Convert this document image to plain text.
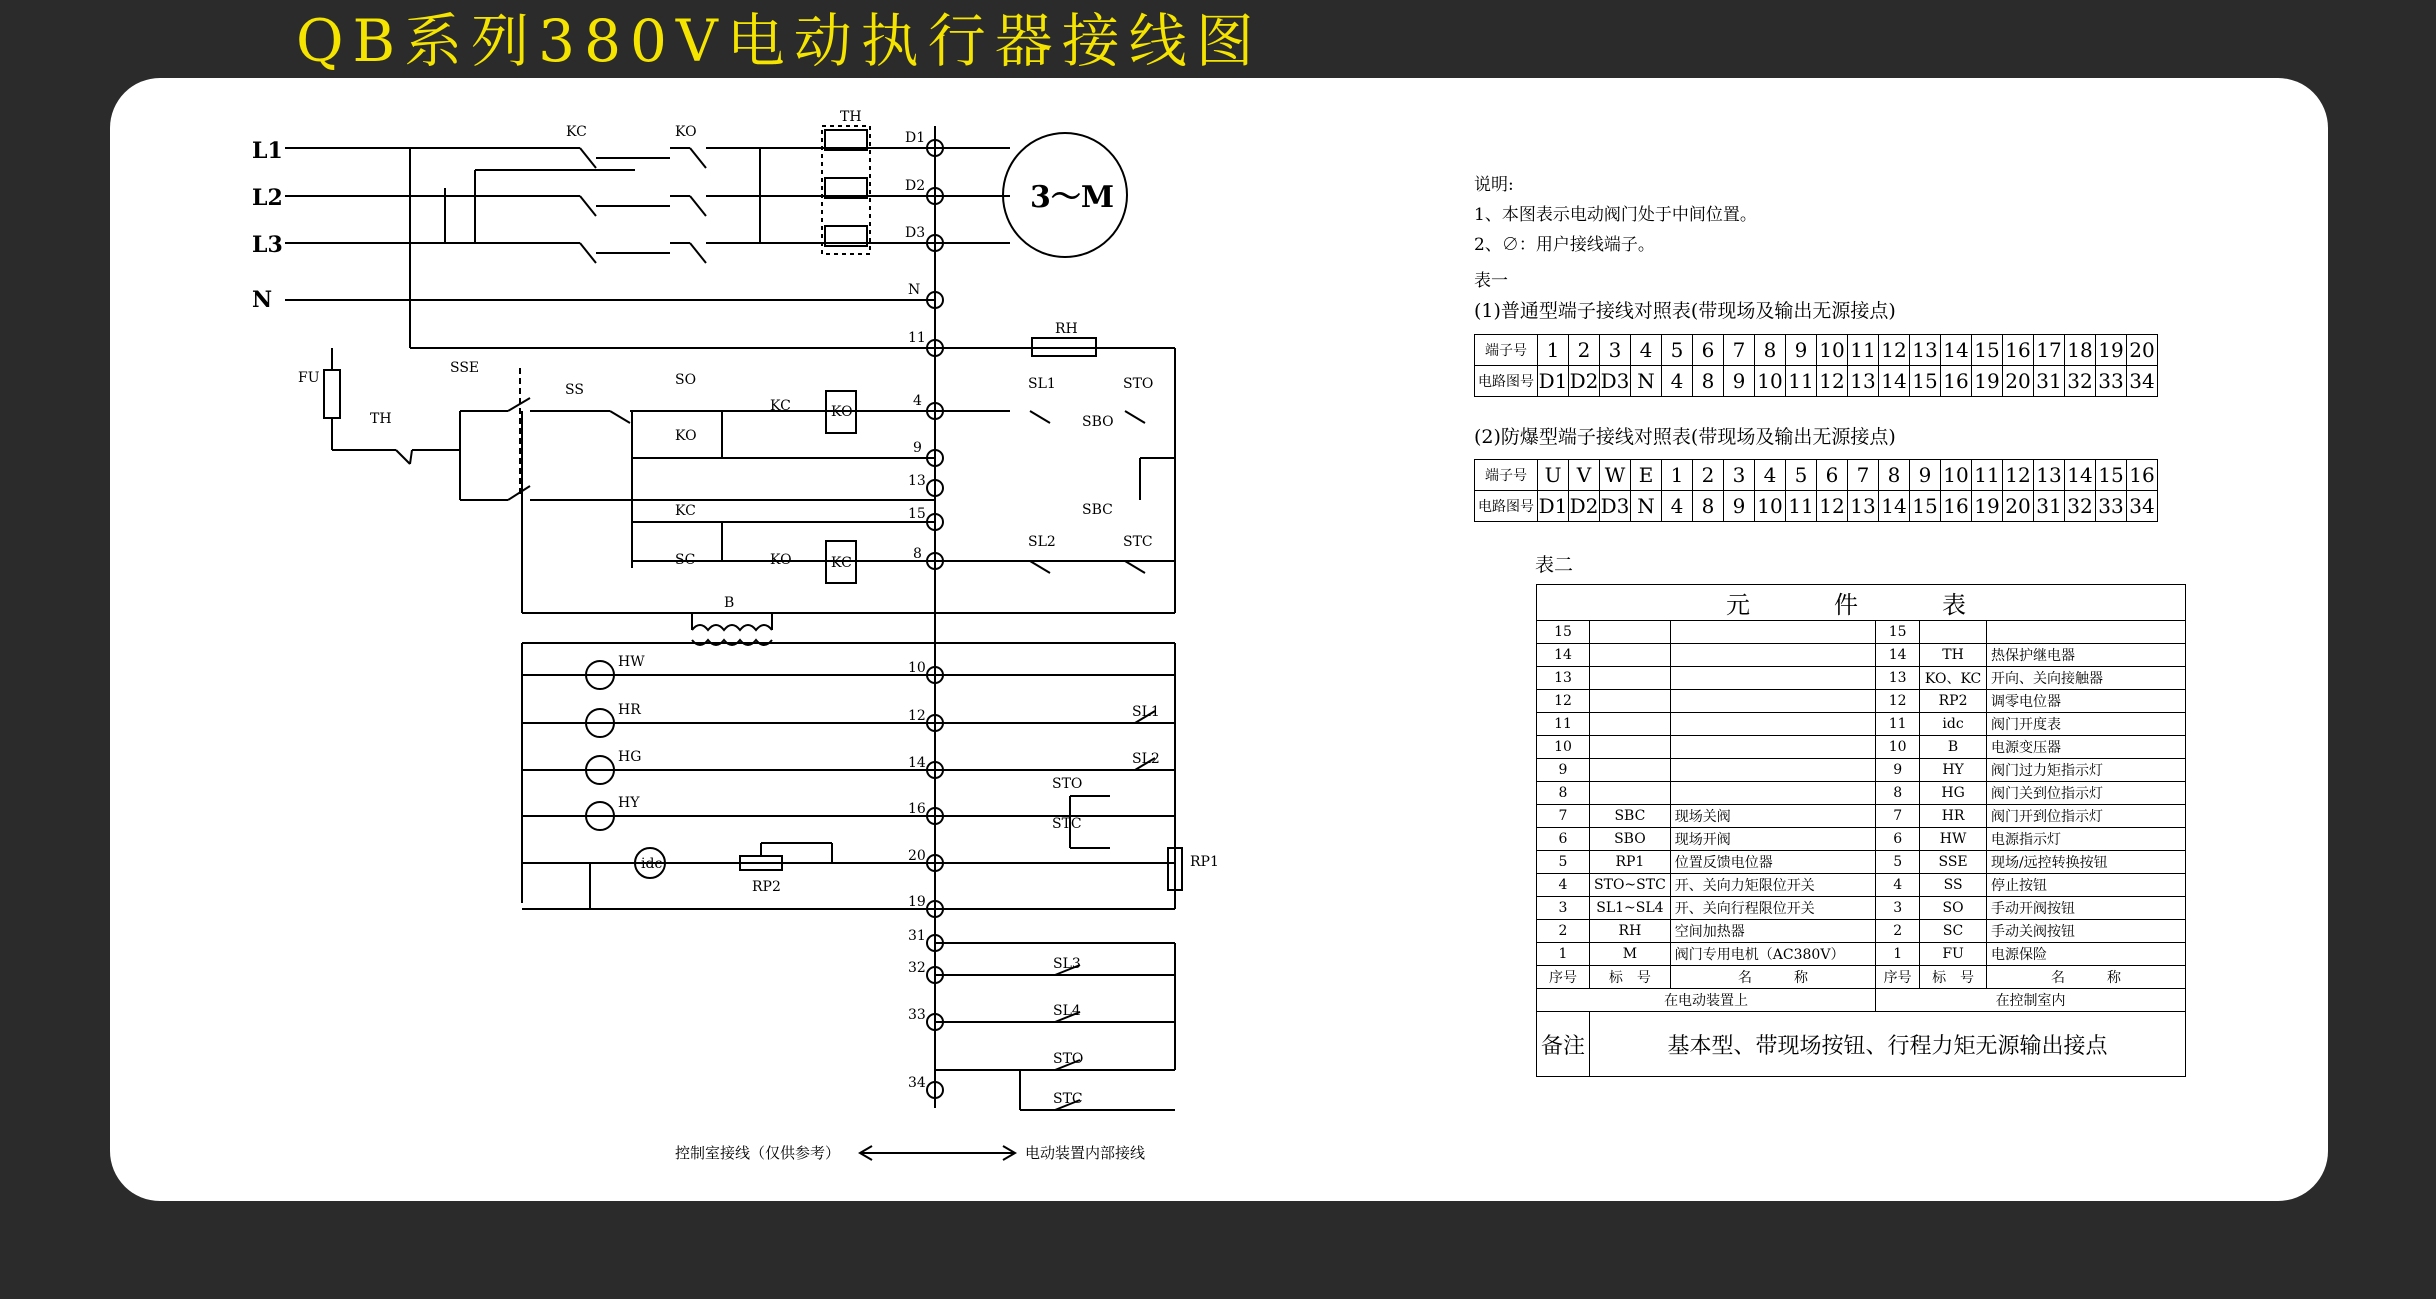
QB系列380V电动执行器接线图
L1
L2
L3
N
D1
D2
D3
N
11
4
9
13
15
8
10
12
14
16
20
19
31
32
33
34
KC	KO
TH
3～M
RH
FU
TH
SSE
SS
SO
KC	KO
KO
KC
SC	KO	KC
SL1	STO
SBO
SBC
SL2	STC
B
HW
HR
HG
HY
SL1
SL2
STO
STC
idc
RP2
RP1
SL3
SL4
STO
STC
控制室接线（仅供参考）	电动装置内部接线
说明:
1、本图表示电动阀门处于中间位置。
2、∅：用户接线端子。
表一
(1)普通型端子接线对照表(带现场及输出无源接点)
端子号	1	2	3	4	5	6	7	8	9	10	11	12	13	14	15	16	17	18	19	20
电路图号	D1	D2	D3	N	4	8	9	10	11	12	13	14	15	16	19	20	31	32	33	34
(2)防爆型端子接线对照表(带现场及输出无源接点)
端子号	U	V	W	E	1	2	3	4	5	6	7	8	9	10	11	12	13	14	15	16
电路图号	D1	D2	D3	N	4	8	9	10	11	12	13	14	15	16	19	20	31	32	33	34
表二
元　件　表					
15			15		
14			14	TH	热保护继电器
13			13	KO、KC	开向、关向接触器
12			12	RP2	调零电位器
11			11	idc	阀门开度表
10			10	B	电源变压器
9			9	HY	阀门过力矩指示灯
8			8	HG	阀门关到位指示灯
7	SBC	现场关阀	7	HR	阀门开到位指示灯
6	SBO	现场开阀	6	HW	电源指示灯
5	RP1	位置反馈电位器	5	SSE	现场/远控转换按钮
4	STO~STC	开、关向力矩限位开关	4	SS	停止按钮
3	SL1~SL4	开、关向行程限位开关	3	SO	手动开阀按钮
2	RH	空间加热器	2	SC	手动关阀按钮
1	M	阀门专用电机（AC380V）	1	FU	电源保险
序号	标　号	名　　　称	序号	标　号	名　　　称
在电动装置上			在控制室内		
备注	基本型、带现场按钮、行程力矩无源输出接点				
